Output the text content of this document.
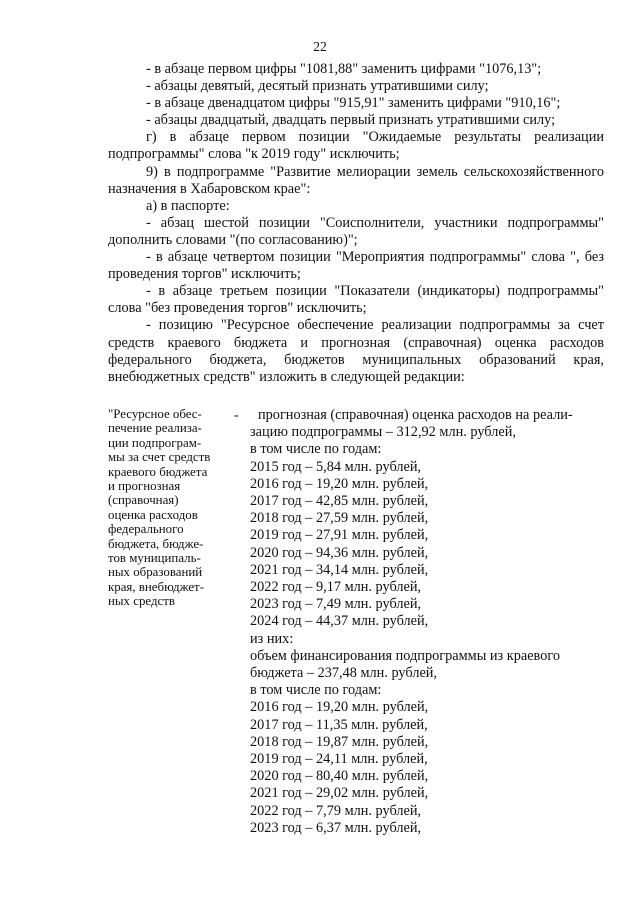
22

- в абзаце первом цифры "1081,88" заменить цифрами "1076,13";

- абзацы девятый, десятый признать утратившими силу;

- в абзаце двенадцатом цифры "915,91" заменить цифрами "910,16";

- абзацы двадцатый, двадцать первый признать утратившими силу;

г) в абзаце первом позиции "Ожидаемые результаты реализации подпрограммы" слова "к 2019 году" исключить;

9) в подпрограмме "Развитие мелиорации земель сельскохозяйственного назначения в Хабаровском крае":

а) в паспорте:

- абзац шестой позиции "Соисполнители, участники подпрограммы" дополнить словами "(по согласованию)";

- в абзаце четвертом позиции "Мероприятия подпрограммы" слова ", без проведения торгов" исключить;

- в абзаце третьем позиции "Показатели (индикаторы) подпрограммы" слова "без проведения торгов" исключить;

- позицию "Ресурсное обеспечение реализации подпрограммы за счет средств краевого бюджета и прогнозная (справочная) оценка расходов федерального бюджета, бюджетов муниципальных образований края, внебюджетных средств" изложить в следующей редакции:

"Ресурсное обес-
печение реализа-
ции подпрограм-
мы за счет средств
краевого бюджета
и прогнозная
(справочная)
оценка расходов
федерального
бюджета, бюдже-
тов муниципаль-
ных образований
края, внебюджет-
ных средств
-	прогнозная (справочная) оценка расходов на реали-
зацию подпрограммы – 312,92 млн. рублей,
в том числе по годам:
2015 год – 5,84 млн. рублей,
2016 год – 19,20 млн. рублей,
2017 год – 42,85 млн. рублей,
2018 год – 27,59 млн. рублей,
2019 год – 27,91 млн. рублей,
2020 год – 94,36 млн. рублей,
2021 год – 34,14 млн. рублей,
2022 год – 9,17 млн. рублей,
2023 год – 7,49 млн. рублей,
2024 год – 44,37 млн. рублей,
из них:
объем финансирования подпрограммы из краевого
бюджета – 237,48 млн. рублей,
в том числе по годам:
2016 год – 19,20 млн. рублей,
2017 год – 11,35 млн. рублей,
2018 год – 19,87 млн. рублей,
2019 год – 24,11 млн. рублей,
2020 год – 80,40 млн. рублей,
2021 год – 29,02 млн. рублей,
2022 год – 7,79 млн. рублей,
2023 год – 6,37 млн. рублей,
